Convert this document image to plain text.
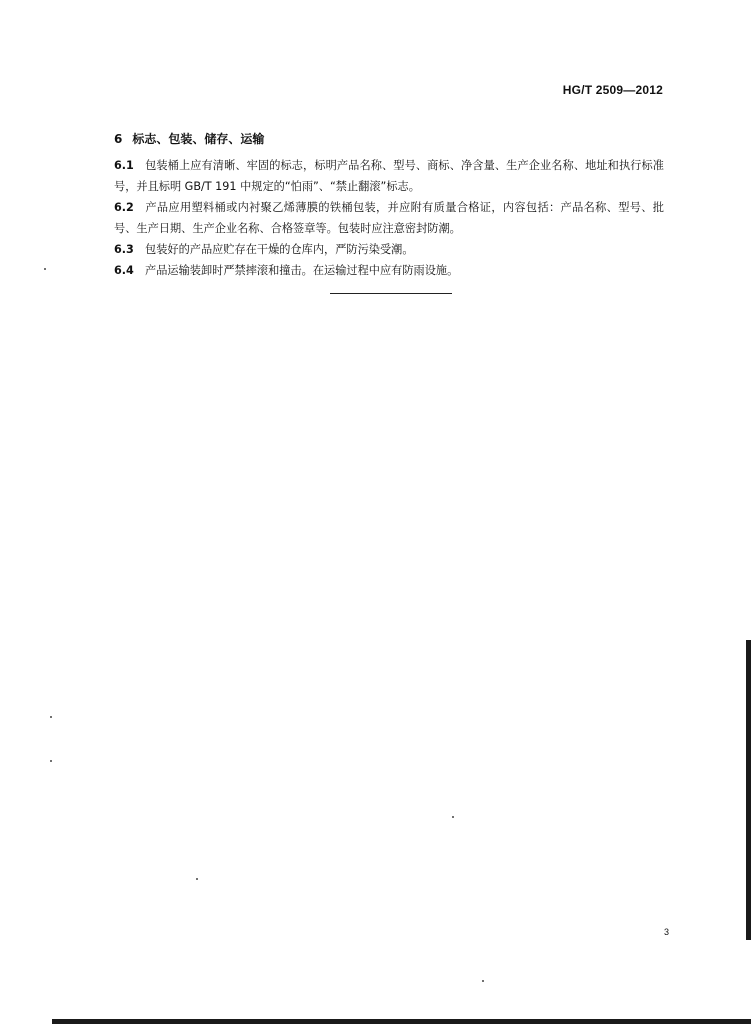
HG/T 2509—2012
6 标志、包装、储存、运输

6.1 包装桶上应有清晰、牢固的标志，标明产品名称、型号、商标、净含量、生产企业名称、地址和执行标准号，并且标明 GB/T 191 中规定的“怕雨”、“禁止翻滚”标志。

6.2 产品应用塑料桶或内衬聚乙烯薄膜的铁桶包装，并应附有质量合格证，内容包括：产品名称、型号、批号、生产日期、生产企业名称、合格签章等。包装时应注意密封防潮。

6.3 包装好的产品应贮存在干燥的仓库内，严防污染受潮。

6.4 产品运输装卸时严禁摔滚和撞击。在运输过程中应有防雨设施。

3
